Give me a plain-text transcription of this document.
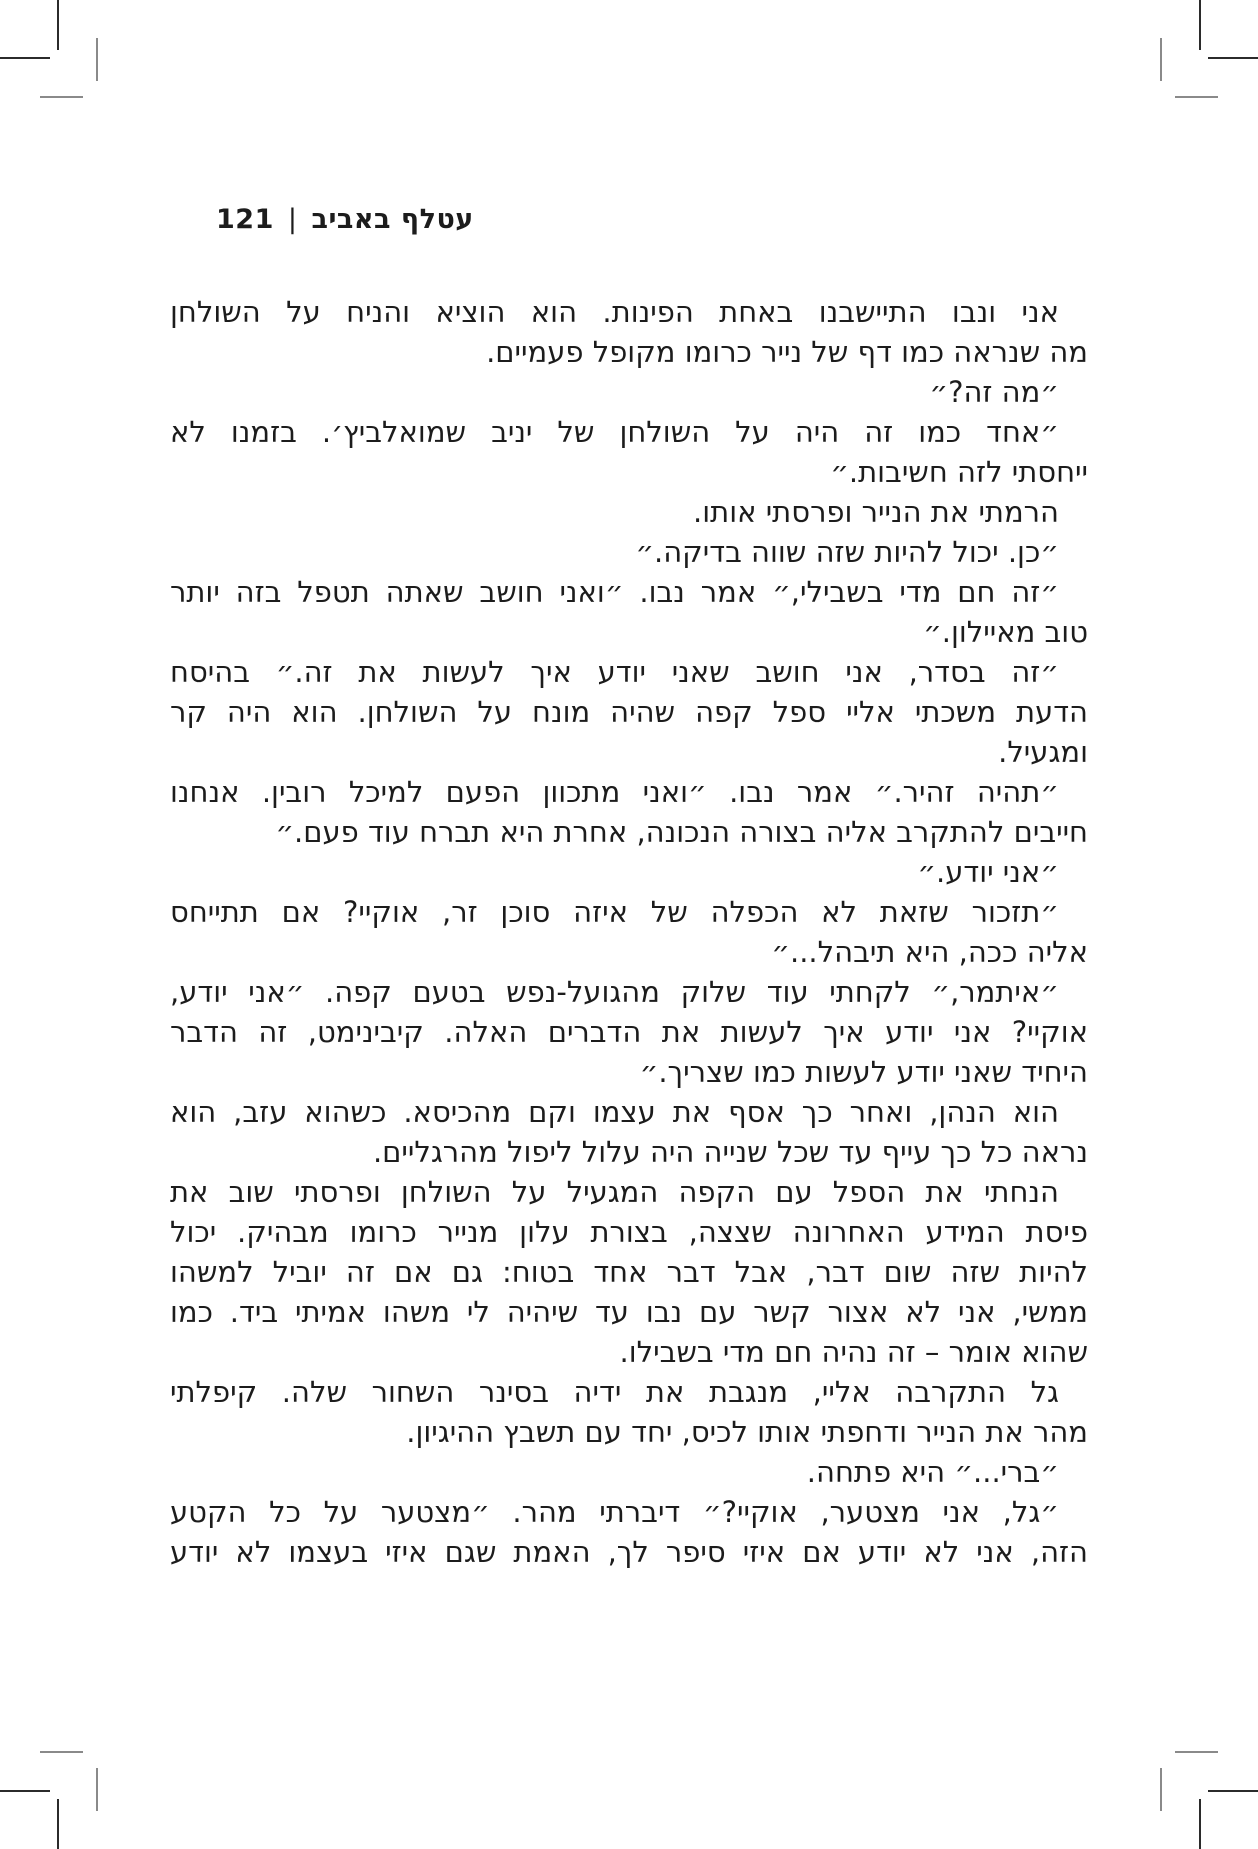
עטלף באביב|121
אני ונבו התיישבנו באחת הפינות. הוא הוציא והניח על השולחן
מה שנראה כמו דף של נייר כרומו מקופל פעמיים.
״מה זה?״
״אחד כמו זה היה על השולחן של יניב שמואלביץ׳. בזמנו לא
ייחסתי לזה חשיבות.״
הרמתי את הנייר ופרסתי אותו.
״כן. יכול להיות שזה שווה בדיקה.״
״זה חם מדי בשבילי,״ אמר נבו. ״ואני חושב שאתה תטפל בזה יותר
טוב מאיילון.״
״זה בסדר, אני חושב שאני יודע איך לעשות את זה.״ בהיסח
הדעת משכתי אליי ספל קפה שהיה מונח על השולחן. הוא היה קר
ומגעיל.
״תהיה זהיר.״ אמר נבו. ״ואני מתכוון הפעם למיכל רובין. אנחנו
חייבים להתקרב אליה בצורה הנכונה, אחרת היא תברח עוד פעם.״
״אני יודע.״
״תזכור שזאת לא הכפלה של איזה סוכן זר, אוקיי? אם תתייחס
אליה ככה, היא תיבהל...״
״איתמר,״ לקחתי עוד שלוק מהגועל-נפש בטעם קפה. ״אני יודע,
אוקיי? אני יודע איך לעשות את הדברים האלה. קיבינימט, זה הדבר
היחיד שאני יודע לעשות כמו שצריך.״
הוא הנהן, ואחר כך אסף את עצמו וקם מהכיסא. כשהוא עזב, הוא
נראה כל כך עייף עד שכל שנייה היה עלול ליפול מהרגליים.
הנחתי את הספל עם הקפה המגעיל על השולחן ופרסתי שוב את
פיסת המידע האחרונה שצצה, בצורת עלון מנייר כרומו מבהיק. יכול
להיות שזה שום דבר, אבל דבר אחד בטוח: גם אם זה יוביל למשהו
ממשי, אני לא אצור קשר עם נבו עד שיהיה לי משהו אמיתי ביד. כמו
שהוא אומר – זה נהיה חם מדי בשבילו.
גל התקרבה אליי, מנגבת את ידיה בסינר השחור שלה. קיפלתי
מהר את הנייר ודחפתי אותו לכיס, יחד עם תשבץ ההיגיון.
״ברי...״ היא פתחה.
״גל, אני מצטער, אוקיי?״ דיברתי מהר. ״מצטער על כל הקטע
הזה, אני לא יודע אם איזי סיפר לך, האמת שגם איזי בעצמו לא יודע
